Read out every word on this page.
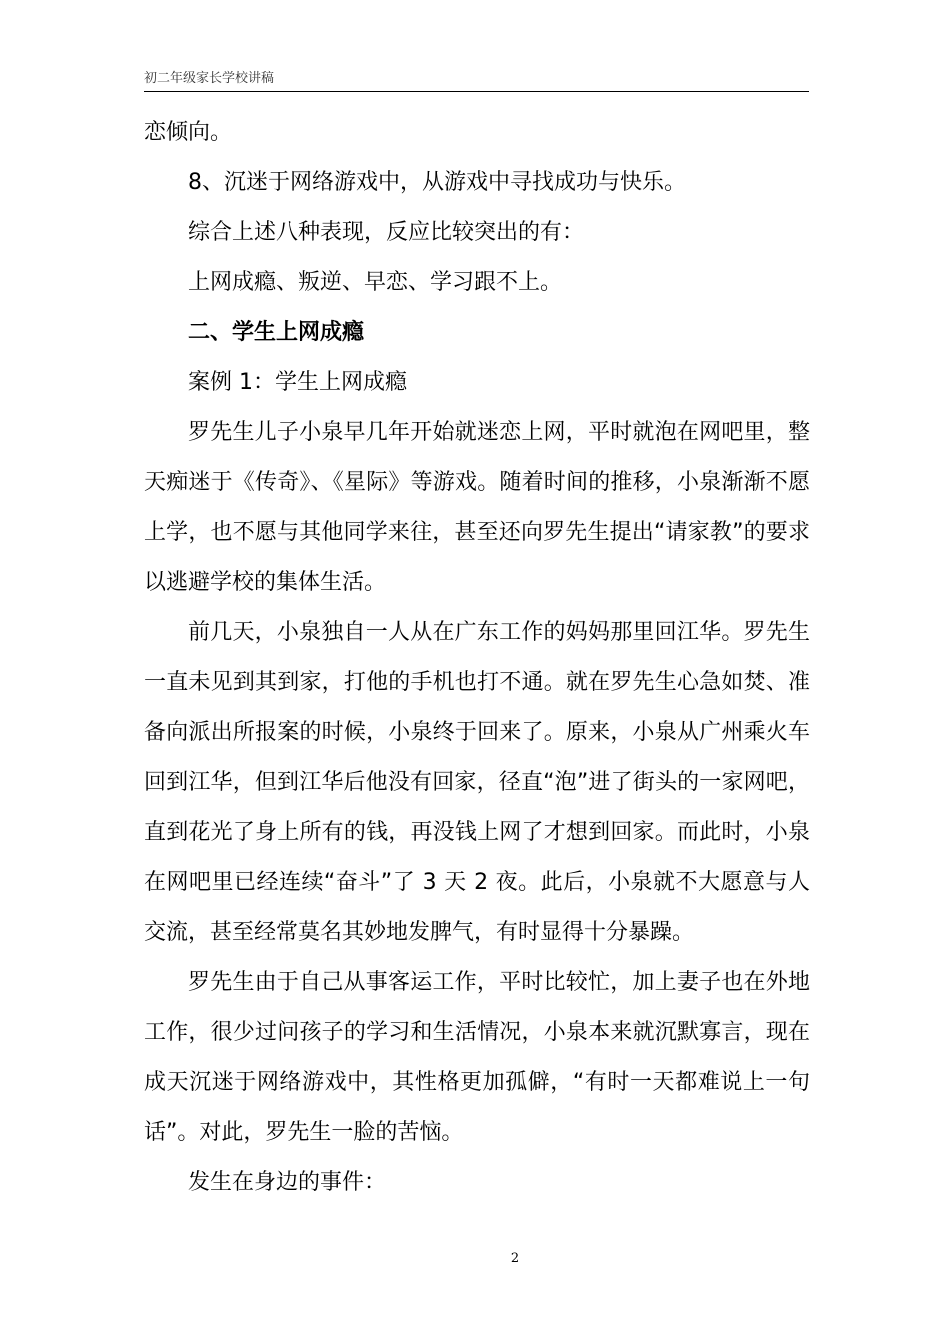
初二年级家长学校讲稿

恋倾向。

8、沉迷于网络游戏中，从游戏中寻找成功与快乐。

综合上述八种表现，反应比较突出的有：

上网成瘾、叛逆、早恋、学习跟不上。

二、学生上网成瘾

案例 1：学生上网成瘾

罗先生儿子小泉早几年开始就迷恋上网，平时就泡在网吧里，整天痴迷于《传奇》、《星际》等游戏。随着时间的推移，小泉渐渐不愿上学，也不愿与其他同学来往，甚至还向罗先生提出“请家教”的要求以逃避学校的集体生活。

前几天，小泉独自一人从在广东工作的妈妈那里回江华。罗先生一直未见到其到家，打他的手机也打不通。就在罗先生心急如焚、准备向派出所报案的时候，小泉终于回来了。原来，小泉从广州乘火车回到江华，但到江华后他没有回家，径直“泡”进了街头的一家网吧，直到花光了身上所有的钱，再没钱上网了才想到回家。而此时，小泉在网吧里已经连续“奋斗”了 3 天 2 夜。此后，小泉就不大愿意与人交流，甚至经常莫名其妙地发脾气，有时显得十分暴躁。

罗先生由于自己从事客运工作，平时比较忙，加上妻子也在外地工作，很少过问孩子的学习和生活情况，小泉本来就沉默寡言，现在成天沉迷于网络游戏中，其性格更加孤僻，“有时一天都难说上一句话”。对此，罗先生一脸的苦恼。

发生在身边的事件：

2
